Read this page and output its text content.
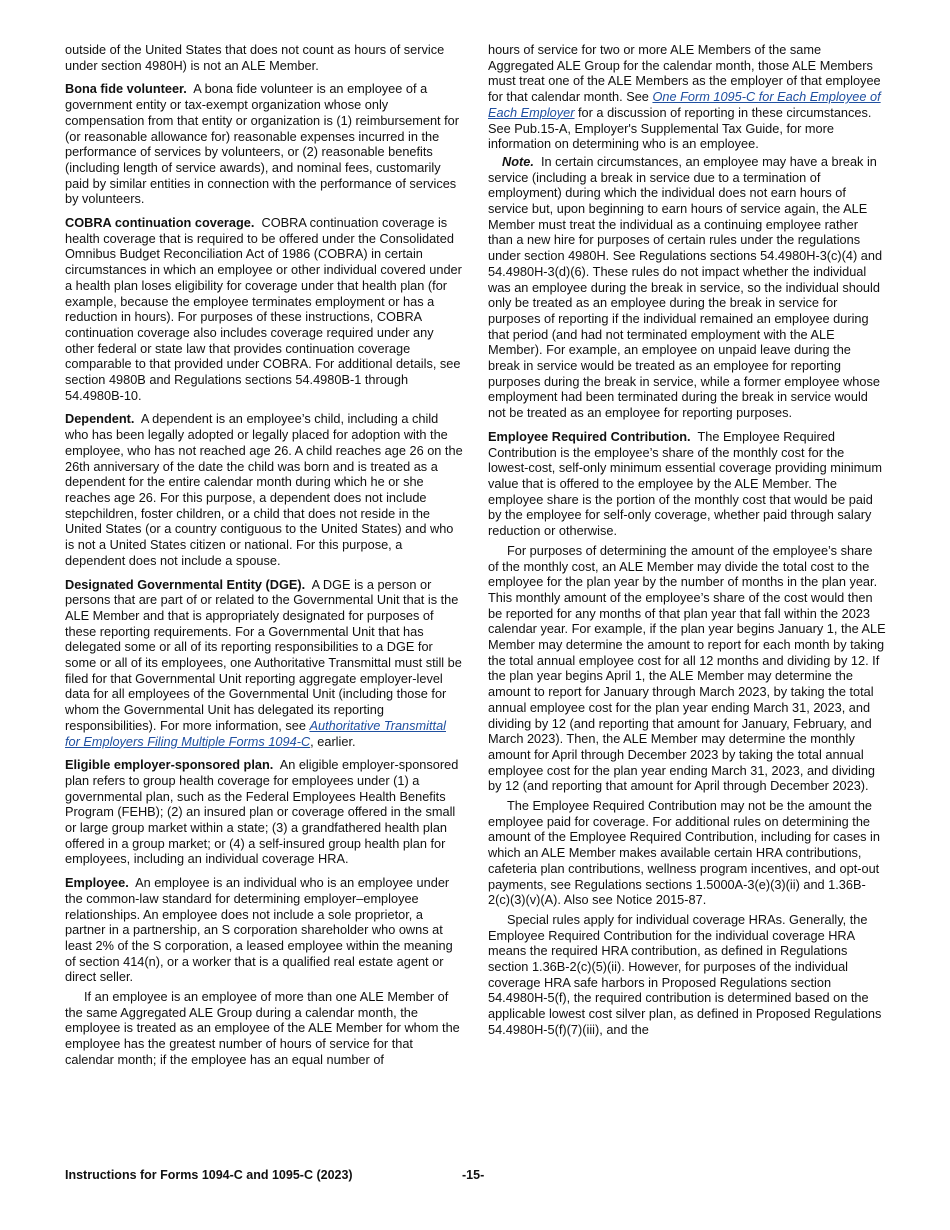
outside of the United States that does not count as hours of service under section 4980H) is not an ALE Member.

Bona fide volunteer. A bona fide volunteer is an employee of a government entity or tax-exempt organization whose only compensation from that entity or organization is (1) reimbursement for (or reasonable allowance for) reasonable expenses incurred in the performance of services by volunteers, or (2) reasonable benefits (including length of service awards), and nominal fees, customarily paid by similar entities in connection with the performance of services by volunteers.

COBRA continuation coverage. COBRA continuation coverage is health coverage that is required to be offered under the Consolidated Omnibus Budget Reconciliation Act of 1986 (COBRA) in certain circumstances in which an employee or other individual covered under a health plan loses eligibility for coverage under that health plan (for example, because the employee terminates employment or has a reduction in hours). For purposes of these instructions, COBRA continuation coverage also includes coverage required under any other federal or state law that provides continuation coverage comparable to that provided under COBRA. For additional details, see section 4980B and Regulations sections 54.4980B-1 through 54.4980B-10.

Dependent. A dependent is an employee’s child, including a child who has been legally adopted or legally placed for adoption with the employee, who has not reached age 26. A child reaches age 26 on the 26th anniversary of the date the child was born and is treated as a dependent for the entire calendar month during which he or she reaches age 26. For this purpose, a dependent does not include stepchildren, foster children, or a child that does not reside in the United States (or a country contiguous to the United States) and who is not a United States citizen or national. For this purpose, a dependent does not include a spouse.

Designated Governmental Entity (DGE). A DGE is a person or persons that are part of or related to the Governmental Unit that is the ALE Member and that is appropriately designated for purposes of these reporting requirements. For a Governmental Unit that has delegated some or all of its reporting responsibilities to a DGE for some or all of its employees, one Authoritative Transmittal must still be filed for that Governmental Unit reporting aggregate employer-level data for all employees of the Governmental Unit (including those for whom the Governmental Unit has delegated its reporting responsibilities). For more information, see Authoritative Transmittal for Employers Filing Multiple Forms 1094-C, earlier.

Eligible employer-sponsored plan. An eligible employer-sponsored plan refers to group health coverage for employees under (1) a governmental plan, such as the Federal Employees Health Benefits Program (FEHB); (2) an insured plan or coverage offered in the small or large group market within a state; (3) a grandfathered health plan offered in a group market; or (4) a self-insured group health plan for employees, including an individual coverage HRA.

Employee. An employee is an individual who is an employee under the common-law standard for determining employer–employee relationships. An employee does not include a sole proprietor, a partner in a partnership, an S corporation shareholder who owns at least 2% of the S corporation, a leased employee within the meaning of section 414(n), or a worker that is a qualified real estate agent or direct seller.

If an employee is an employee of more than one ALE Member of the same Aggregated ALE Group during a calendar month, the employee is treated as an employee of the ALE Member for whom the employee has the greatest number of hours of service for that calendar month; if the employee has an equal number of

hours of service for two or more ALE Members of the same Aggregated ALE Group for the calendar month, those ALE Members must treat one of the ALE Members as the employer of that employee for that calendar month. See One Form 1095-C for Each Employee of Each Employer for a discussion of reporting in these circumstances. See Pub.15-A, Employer's Supplemental Tax Guide, for more information on determining who is an employee.

Note. In certain circumstances, an employee may have a break in service (including a break in service due to a termination of employment) during which the individual does not earn hours of service but, upon beginning to earn hours of service again, the ALE Member must treat the individual as a continuing employee rather than a new hire for purposes of certain rules under the regulations under section 4980H. See Regulations sections 54.4980H-3(c)(4) and 54.4980H-3(d)(6). These rules do not impact whether the individual was an employee during the break in service, so the individual should only be treated as an employee during the break in service for purposes of reporting if the individual remained an employee during that period (and had not terminated employment with the ALE Member). For example, an employee on unpaid leave during the break in service would be treated as an employee for reporting purposes during the break in service, while a former employee whose employment had been terminated during the break in service would not be treated as an employee for reporting purposes.

Employee Required Contribution. The Employee Required Contribution is the employee’s share of the monthly cost for the lowest-cost, self-only minimum essential coverage providing minimum value that is offered to the employee by the ALE Member. The employee share is the portion of the monthly cost that would be paid by the employee for self-only coverage, whether paid through salary reduction or otherwise.

For purposes of determining the amount of the employee’s share of the monthly cost, an ALE Member may divide the total cost to the employee for the plan year by the number of months in the plan year. This monthly amount of the employee’s share of the cost would then be reported for any months of that plan year that fall within the 2023 calendar year. For example, if the plan year begins January 1, the ALE Member may determine the amount to report for each month by taking the total annual employee cost for all 12 months and dividing by 12. If the plan year begins April 1, the ALE Member may determine the amount to report for January through March 2023, by taking the total annual employee cost for the plan year ending March 31, 2023, and dividing by 12 (and reporting that amount for January, February, and March 2023). Then, the ALE Member may determine the monthly amount for April through December 2023 by taking the total annual employee cost for the plan year ending March 31, 2023, and dividing by 12 (and reporting that amount for April through December 2023).

The Employee Required Contribution may not be the amount the employee paid for coverage. For additional rules on determining the amount of the Employee Required Contribution, including for cases in which an ALE Member makes available certain HRA contributions, cafeteria plan contributions, wellness program incentives, and opt-out payments, see Regulations sections 1.5000A-3(e)(3)(ii) and 1.36B-2(c)(3)(v)(A). Also see Notice 2015-87.

Special rules apply for individual coverage HRAs. Generally, the Employee Required Contribution for the individual coverage HRA means the required HRA contribution, as defined in Regulations section 1.36B-2(c)(5)(ii). However, for purposes of the individual coverage HRA safe harbors in Proposed Regulations section 54.4980H-5(f), the required contribution is determined based on the applicable lowest cost silver plan, as defined in Proposed Regulations 54.4980H-5(f)(7)(iii), and the

Instructions for Forms 1094-C and 1095-C (2023)	-15-
